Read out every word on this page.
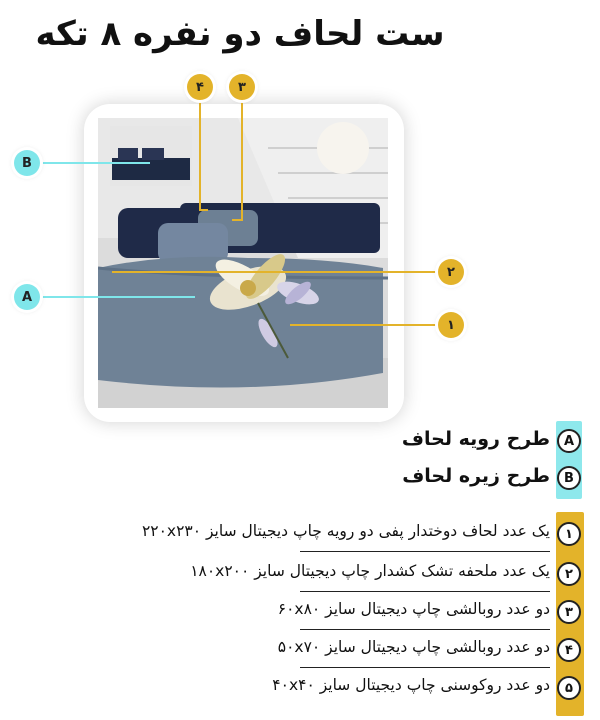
ست لحاف دو نفره ۸ تکه
۴	۳
B
A
۲
۱
A
طرح رویه لحاف
B
طرح زیره لحاف
۱
یک عدد لحاف دوختدار پفی دو رویه چاپ دیجیتال سایز ۲۲۰x۲۳۰
۲
یک عدد ملحفه تشک کشدار چاپ دیجیتال سایز ۱۸۰x۲۰۰
۳
دو عدد روبالشی چاپ دیجیتال سایز ۶۰x۸۰
۴
دو عدد روبالشی چاپ دیجیتال سایز ۵۰x۷۰
۵
دو عدد روکوسنی چاپ دیجیتال سایز ۴۰x۴۰
